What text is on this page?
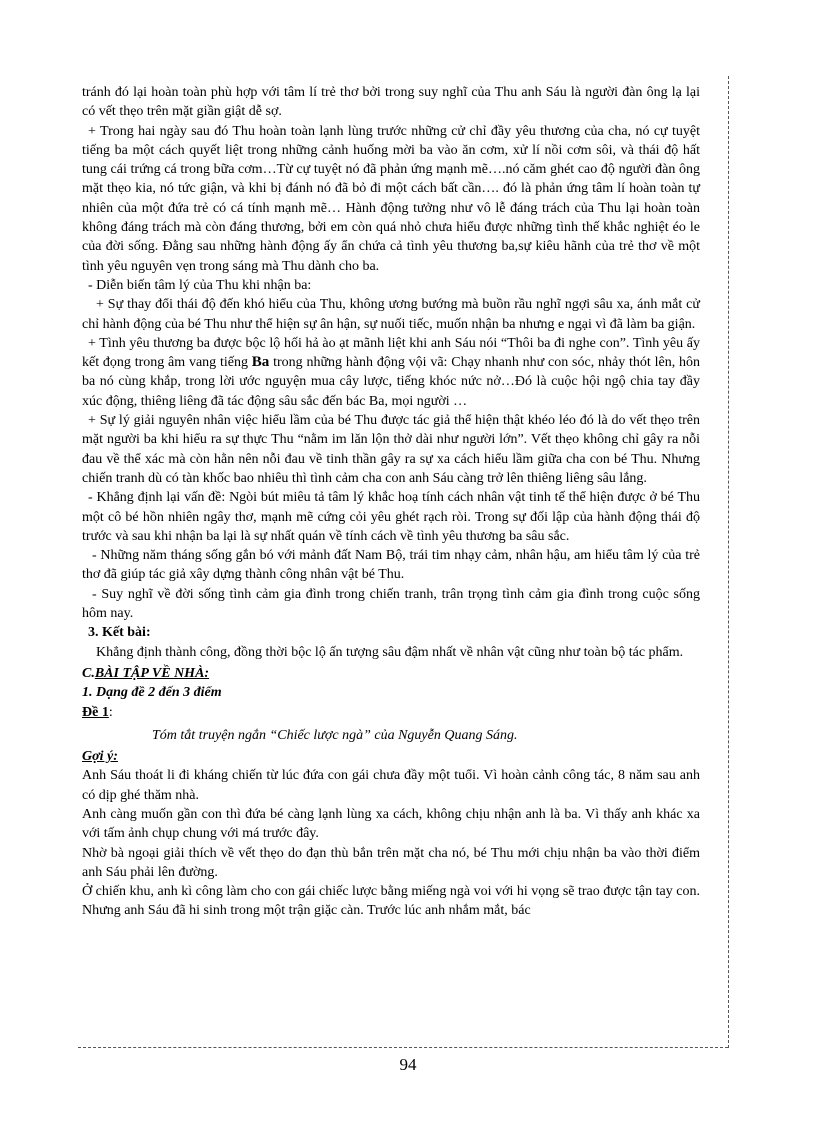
tránh đó lại hoàn toàn phù hợp với tâm lí trẻ thơ bởi trong suy nghĩ của Thu anh Sáu là người đàn ông lạ lại có vết thẹo trên mặt giần giật dễ sợ.

+ Trong hai ngày sau đó Thu hoàn toàn lạnh lùng trước những cử chỉ đầy yêu thương của cha, nó cự tuyệt tiếng ba một cách quyết liệt trong những cảnh huống mời ba vào ăn cơm, xử lí nồi cơm sôi, và thái độ hất tung cái trứng cá trong bữa cơm…Từ cự tuyệt nó đã phản ứng mạnh mẽ….nó căm ghét cao độ người đàn ông mặt thẹo kia, nó tức giận, và khi bị đánh nó đã bỏ đi một cách bất cần…. đó là phản ứng tâm lí hoàn toàn tự nhiên của một đứa trẻ có cá tính mạnh mẽ… Hành động tưởng như vô lễ đáng trách của Thu lại hoàn toàn không đáng trách mà còn đáng thương, bởi em còn quá nhỏ chưa hiểu được những tình thế khắc nghiệt éo le của đời sống. Đằng sau những hành động ấy ẩn chứa cả tình yêu thương ba,sự kiêu hãnh của trẻ thơ về một tình yêu nguyên vẹn trong sáng mà Thu dành cho ba.

- Diễn biến tâm lý của Thu khi nhận ba:

+ Sự thay đổi thái độ đến khó hiểu của Thu, không ương bướng mà buồn rầu nghĩ ngợi sâu xa, ánh mắt cử chỉ hành động của bé Thu như thể hiện sự ân hận, sự nuối tiếc, muốn nhận ba nhưng e ngại vì đã làm ba giận.

+ Tình yêu thương ba được bộc lộ hối hả ào ạt mãnh liệt khi anh Sáu nói “Thôi ba đi nghe con”. Tình yêu ấy kết đọng trong âm vang tiếng Ba trong những hành động vội vã: Chạy nhanh như con sóc, nhảy thót lên, hôn ba nó cùng khắp, trong lời ước nguyện mua cây lược, tiếng khóc nức nở…Đó là cuộc hội ngộ chia tay đầy xúc động, thiêng liêng đã tác động sâu sắc đến bác Ba, mọi người …

+ Sự lý giải nguyên nhân việc hiểu lầm của bé Thu được tác giả thể hiện thật khéo léo đó là do vết thẹo trên mặt người ba khi hiểu ra sự thực Thu “nằm im lăn lộn thở dài như người lớn”. Vết thẹo không chỉ gây ra nỗi đau về thể xác mà còn hằn nên nỗi đau về tinh thần gây ra sự xa cách hiểu lầm giữa cha con bé Thu. Nhưng chiến tranh dù có tàn khốc bao nhiêu thì tình cảm cha con anh Sáu càng trở lên thiêng liêng sâu lắng.

- Khẳng định lại vấn đề: Ngòi bút miêu tả tâm lý khắc hoạ tính cách nhân vật tinh tế thể hiện được ở bé Thu một cô bé hồn nhiên ngây thơ, mạnh mẽ cứng cỏi yêu ghét rạch ròi. Trong sự đối lập của hành động thái độ trước và sau khi nhận ba lại là sự nhất quán về tính cách về tình yêu thương ba sâu sắc.

- Những năm tháng sống gắn bó với mảnh đất Nam Bộ, trái tim nhạy cảm, nhân hậu, am hiểu tâm lý của trẻ thơ đã giúp tác giả xây dựng thành công nhân vật bé Thu.

- Suy nghĩ về đời sống tình cảm gia đình trong chiến tranh, trân trọng tình cảm gia đình trong cuộc sống hôm nay.

3. Kết bài:

Khẳng định thành công, đồng thời bộc lộ ấn tượng sâu đậm nhất về nhân vật cũng như toàn bộ tác phẩm.

C.BÀI TẬP VỀ NHÀ:

1. Dạng đề 2 đến 3 điểm

Đề 1:

Tóm tắt truyện ngắn “Chiếc lược ngà” của Nguyễn Quang Sáng.

Gợi ý:

Anh Sáu thoát li đi kháng chiến từ lúc đứa con gái chưa đầy một tuổi. Vì hoàn cảnh công tác, 8 năm sau anh có dịp ghé thăm nhà.

Anh càng muốn gần con thì đứa bé càng lạnh lùng xa cách, không chịu nhận anh là ba. Vì thấy anh khác xa với tấm ảnh chụp chung với má trước đây.

Nhờ bà ngoại giải thích về vết thẹo do đạn thù bắn trên mặt cha nó, bé Thu mới chịu nhận ba vào thời điểm anh Sáu phải lên đường.

Ở chiến khu, anh kì công làm cho con gái chiếc lược bằng miếng ngà voi với hi vọng sẽ trao được tận tay con. Nhưng anh Sáu đã hi sinh trong một trận giặc càn. Trước lúc anh nhắm mắt, bác

94
